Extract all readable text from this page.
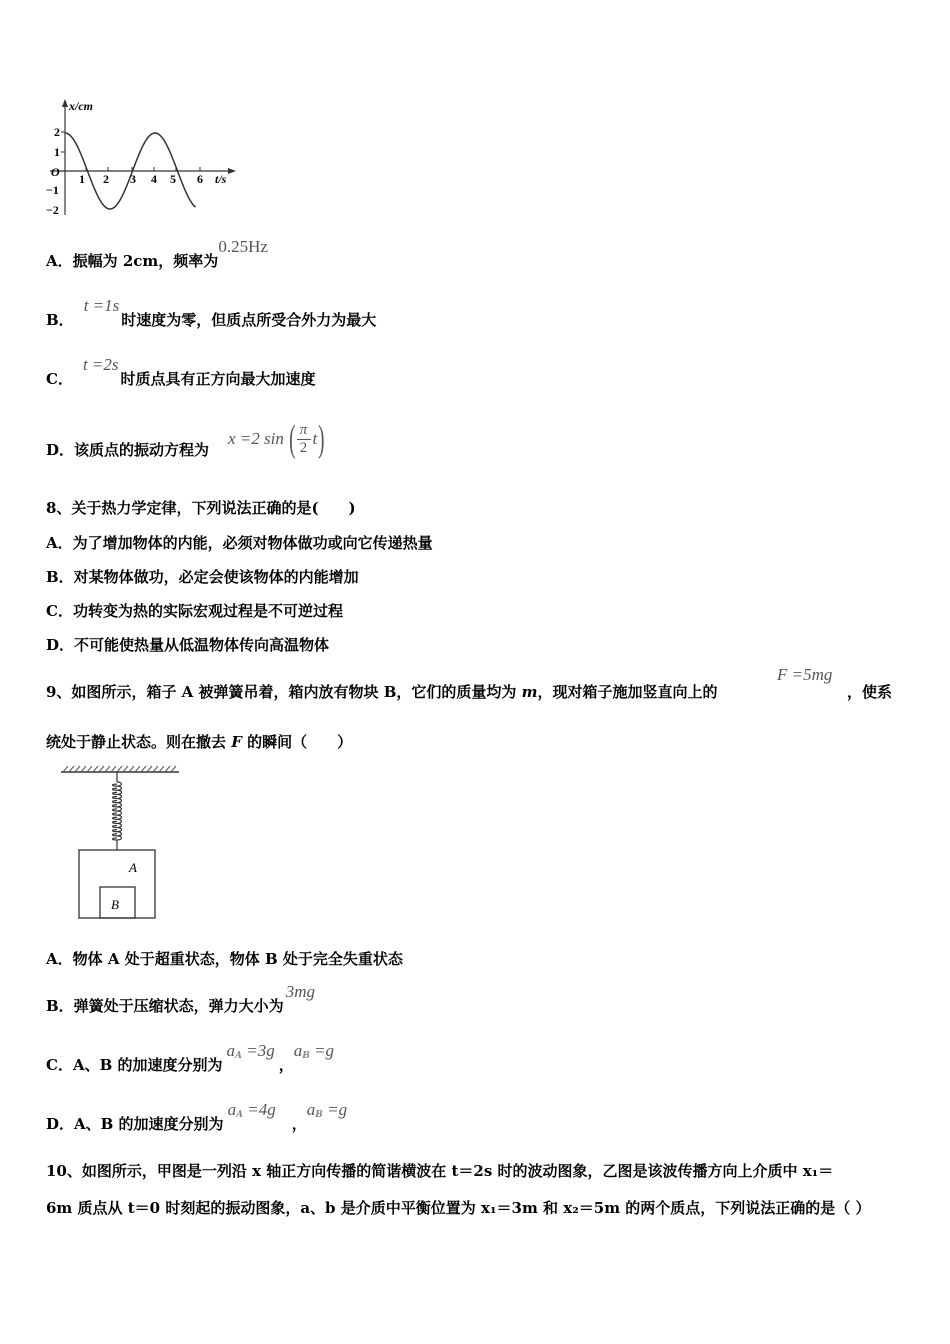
x/cm
t/s
O
2
1
−1
−2
1 2 3 4 5 6
A．振幅为 2cm，频率为0.25Hz
B．t =1s时速度为零，但质点所受合外力为最大
C．t =2s时质点具有正方向最大加速度
D．该质点的振动方程为
x =2 sin ( π
2 t )
8、关于热力学定律，下列说法正确的是(　　)
A．为了增加物体的内能，必须对物体做功或向它传递热量
B．对某物体做功，必定会使该物体的内能增加
C．功转变为热的实际宏观过程是不可逆过程
D．不可能使热量从低温物体传向高温物体
9、如图所示，箱子 A 被弹簧吊着，箱内放有物块 B，它们的质量均为 m，现对箱子施加竖直向上的
F =5mg
，使系
统处于静止状态。则在撤去 F 的瞬间（　　）
A
B
A．物体 A 处于超重状态，物体 B 处于完全失重状态
B．弹簧处于压缩状态，弹力大小为3mg
C．A、B 的加速度分别为$a_A =3g$，$a_B =g$
D．A、B 的加速度分别为$a_A =4g$，$a_B =g$
10、如图所示，甲图是一列沿 x 轴正方向传播的简谐横波在 t＝2s 时的波动图象，乙图是该波传播方向上介质中 x₁＝
6m 质点从 t＝0 时刻起的振动图象，a、b 是介质中平衡位置为 x₁＝3m 和 x₂＝5m 的两个质点，下列说法正确的是（ ）
